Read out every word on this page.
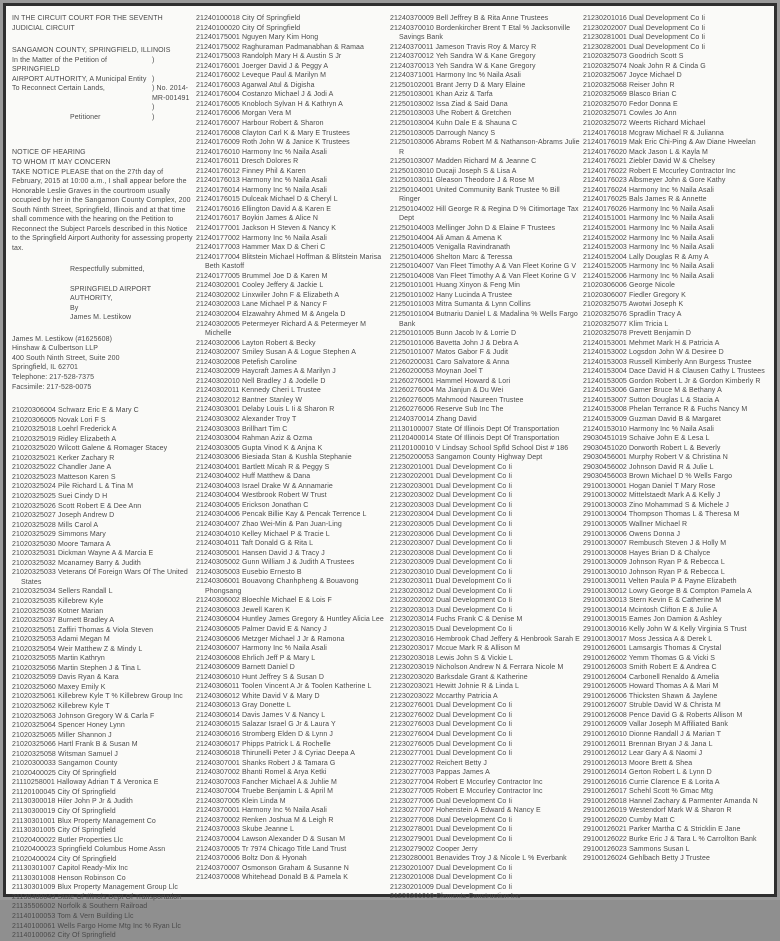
IN THE CIRCUIT COURT FOR THE SEVENTH JUDICIAL CIRCUIT
SANGAMON COUNTY, SPRINGFIELD, ILLINOIS
In the Matter of the Petition of SPRINGFIELD
)
AIRPORT AUTHORITY, A Municipal Entity )
To Reconnect Certain Lands,	) No. 2014-MR-001491
)
Petitioner	)
NOTICE OF HEARING
TO WHOM IT MAY CONCERN

TAKE NOTICE PLEASE that on the 27th day of February, 2015 at 10:00 a.m., I shall appear before the Honorable Leslie Graves in the courtroom usually occupied by her in the Sangamon County Complex, 200 South Ninth Street, Springfield, Illinois and at that time shall commence with the hearing on the Petition to Reconnect the Subject Parcels described in this Notice to the Springfield Airport Authority for assessing property tax.

Respectfully submitted,
SPRINGFIELD AIRPORT AUTHORITY,
By
James M. Lestikow
James M. Lestikow (#1625608)
Hinshaw & Culbertson LLP
400 South Ninth Street, Suite 200
Springfield, IL 62701
Telephone: 217-528-7375
Facsimile: 217-528-0075
21020306004 Schwarz Eric E & Mary C
21020306005 Novak Lori F S
21020325018 Loehrl Frederick A
21020325019 Ridley Elizabeth A
21020325020 Wilcott Galene & Romager Stacey
21020325021 Kerker Zachary R
21020325022 Chandler Jane A
21020325023 Matteson Karen S
21020325024 Pile Richard L & Tina M
21020325025 Suei Cindy D H
21020325026 Scott Robert E & Dee Ann
21020325027 Joseph Andrew D
21020325028 Mills Carol A
21020325029 Simmons Mary
21020325030 Moore Tamara A
21020325031 Dickman Wayne A & Marcia E
21020325032 Mcanarney Barry & Judith
21020325033 Veterans Of Foreign Wars Of The United States
21020325034 Sellers Randall L
21020325035 Killebrew Kyle
21020325036 Kotner Marian
21020325037 Burnett Bradley A
21020325051 Zaffiri Thomas & Viola Steven
21020325053 Adami Megan M
21020325054 Weir Matthew Z & Mindy L
21020325055 Martin Kathryn
21020325056 Martin Stephen J & Tina L
21020325059 Davis Ryan & Kara
21020325060 Maxey Emily K
21020325061 Killebrew Kyle T % Killebrew Group Inc
21020325062 Killebrew Kyle T
21020325063 Johnson Gregory W & Carla F
21020325064 Spencer Honey Lynn
21020325065 Miller Shannon J
21020325066 Hartl Frank B & Susan M
21020325058 Witsman Samuel J
21020300033 Sangamon County
21020400025 City Of Springfield
21110258001 Halloway Adrian T & Veronica E
21120100045 City Of Springfield
21130300018 Hiler John P Jr & Judith
21130300019 City Of Springfield
21130301001 Blux Property Management Co
21130301005 City Of Springfield
21020400022 Butler Properties Llc
21020400023 Springfield Columbus Home Assn
21020400024 City Of Springfield
21130301007 Capitol Ready-Mix Inc
21130301008 Henson Robinson Co
21130301009 Blux Property Management Group Llc
21130400043 State Of Illinois Dept Of Transportation
21135506002 Norfolk & Southern Railroad
21140100053 Tom & Vern Building Llc
21140100061 Wells Fargo Home Mtg Inc % Ryan Llc
21140100062 City Of Springfield
21240100018 City Of Springfield
21240100020 City Of Springfield
21240175001 Nguyen Mary Kim Hong
21240175002 Raghuraman Padmanabhan & Ramaa
21240175003 Randolph Mary H & Austin S Jr
21240176001 Joerger David J & Peggy A
21240176002 Leveque Paul & Marilyn M
21240176003 Agarwal Atul & Digisha
21240176004 Costanzo Michael J & Jodi A
21240176005 Knobloch Sylvan H & Kathryn A
21240176006 Morgan Vera M
21240176007 Harbour Robert & Sharon
21240176008 Clayton Carl K & Mary E Trustees
21240176009 Roth John W & Janice K Trustees
21240176010 Harmony Inc % Naila Asali
21240176011 Dresch Dolores R
21240176012 Finney Phil & Karen
21240176013 Harmony Inc % Naila Asali
21240176014 Harmony Inc % Naila Asali
21240176015 Dulceak Michael D & Cheryl L
21240176016 Ellington David A & Karen E
21240176017 Boykin James & Alice N
21240177001 Jackson H Steven & Nancy K
21240177002 Harmony Inc % Naila Asali
21240177003 Hammer Max D & Cheri C
21240177004 Blitstein Michael Hoffman & Blitstein Marisa Beth Kastoff
21240177005 Brummel Joe D & Karen M
21240302001 Cooley Jeffery & Jackie L
21240302002 Linxwiler John F & Elizabeth A
21240302003 Lane Michael P & Nancy F
21240302004 Elzawahry Ahmed M & Angela D
21240302005 Petermeyer Richard A & Petermeyer M Michelle
21240302006 Layton Robert & Becky
21240302007 Smiley Susan A & Logue Stephen A
21240302008 Petefish Caroline
21240302009 Haycraft James A & Marilyn J
21240302010 Nell Bradley J & Jodelle D
21240302011 Kennedy Cheri L Trustee
21240302012 Bantner Stanley W
21240303001 Delaby Louis L Ii & Sharon R
21240303002 Alexander Troy T
21240303003 Brillhart Tim C
21240303004 Rahman Aziz & Ozma
21240303005 Gupta Vinod K & Anjna K
21240303006 Biesiada Stan & Kushla Stephanie
21240304001 Bartlett Micah R & Peggy S
21240304002 Huff Matthew & Dana
21240304003 Israel Drake W & Annamarie
21240304004 Westbrook Robert W Trust
21240304005 Erickson Jonathan C
21240304006 Pencak Billie Kay & Pencak Terrence L
21240304007 Zhao Wei-Min & Pan Juan-Ling
21240304010 Kelley Michael P & Tracie L
21240304011 Taft Donald G & Rita L
21240305001 Hansen David J & Tracy J
21240305002 Gunn William J & Judith A Trustees
21240305003 Eusebio Ernesto B
21240306001 Bouavong Chanhpheng & Bouavong Phongsang
21240306002 Bloechle Michael E & Lois F
21240306003 Jewell Karen K
21240306004 Huntley James Gregory & Huntley Alicia Lee
21240306005 Palmer David E & Nancy J
21240306006 Metzger Michael J Jr & Ramona
21240306007 Harmony Inc % Naila Asali
21240306008 Ehrlich Jeff P & Mary L
21240306009 Barnett Daniel D
21240306010 Hunt Jeffrey S & Susan D
21240306011 Toolen Vincent A Jr & Toolen Katherine L
21240306012 White David V & Mary D
21240306013 Gray Donette L
21240306014 Davis James V & Nancy L
21240306015 Salazar Israel G Jr & Laura Y
21240306016 Stromberg Elden D & Lynn J
21240306017 Phipps Patrick L & Rochelle
21240306018 Thirunelli Peter J & Cyriac Deepa A
21240307001 Shanks Robert J & Tamara G
21240307002 Bhanti Romel & Arya Ketki
21240307003 Fancher Michael A & Juhlie M
21240307004 Truebe Benjamin L & April M
21240307005 Klein Linda M
21240370001 Harmony Inc % Naila Asali
21240370002 Renken Joshua M & Leigh R
21240370003 Skube Jeanne L
21240370004 Lawson Alexander D & Susan M
21240370005 Tr 7974 Chicago Title Land Trust
21240370006 Boltz Don & Hyonah
21240370007 Osmonson Graham & Susanne N
21240370008 Whitehead Donald B & Pamela K
21240370009 Bell Jeffrey B & Rita Anne Trustees
21240370010 Bordenkircher Brent T Etal % Jacksonville Savings Bank
21240370011 Jameson Travis Roy & Marcy R
21240370012 Yeh Sandra W & Kane Gregory
21240370013 Yeh Sandra W & Kane Gregory
21240371001 Harmony Inc % Naila Asali
21250102001 Brant Jerry D & Mary Elaine
21250103001 Khan Aziz & Tarfa
21250103002 Issa Ziad & Said Dana
21250103003 Uhe Robert & Gretchen
21250103004 Kuhn Dale E & Shauna C
21250103005 Darrough Nancy S
21250103006 Abrams Robert M & Nathanson-Abrams Julie R
21250103007 Madden Richard M & Jeanne C
21250103010 Ducaji Joseph S & Lisa A
21250103011 Gleason Theodore J & Rose M
21250104001 United Community Bank Trustee % Bill Ringer
21250104002 Hill George R & Regina D % Citimortage Tax Dept
21250104003 Mellinger John D & Elaine F Trustees
21250104004 Ali Aman & Amena K
21250104005 Venigalla Ravindranath
21250104006 Shelton Marc & Teressa
21250104007 Van Fleet Timothy A & Van Fleet Korine G V
21250104008 Van Fleet Timothy A & Van Fleet Korine G V
21250101001 Huang Xinyon & Feng Min
21250101002 Hany Lucinda A Trustee
21250101003 Mitra Sumanta & Lynn Collins
21250101004 Butnariu Daniel L & Madalina % Wells Fargo Bank
21250101005 Bunn Jacob Iv & Lorrie D
21250101006 Bavetta John J & Debra A
21250101007 Matos Gabor F & Judit
21260200031 Caro Salvatore & Anna
21260200053 Moynan Joel T
21260276001 Hammel Howard & Lori
21260276004 Ma Jianjun & Du Wei
21260276005 Mahmood Naureen Trustee
21260276006 Reserve Sub Inc The
21240370014 Zhang David
21130100007 State Of Illinois Dept Of Transportation
21120400014 State Of Illinois Dept Of Transportation
21120100010 V Lindsay School Spfld School Dist # 186
21250200053 Sangamon County Highway Dept
21230201001 Dual Development Co Ii
21230202001 Dual Development Co Ii
21230203001 Dual Development Co Ii
21230203002 Dual Development Co Ii
21230203003 Dual Development Co Ii
21230203004 Dual Development Co Ii
21230203005 Dual Development Co Ii
21230203006 Dual Development Co Ii
21230203007 Dual Development Co Ii
21230203008 Dual Development Co Ii
21230203009 Dual Development Co Ii
21230203010 Dual Development Co Ii
21230203011 Dual Development Co Ii
21230203012 Dual Development Co Ii
21230202002 Dual Development Co Ii
21230203013 Dual Development Co Ii
21230203014 Fuchs Frank C & Denise M
21230203015 Dual Development Co Ii
21230203016 Hembrook Chad Jeffery & Henbrook Sarah E
21230203017 Mccue Mark R & Allison M
21230203018 Lewis John S & Vickie L
21230203019 Nicholson Andrew N & Ferrara Nicole M
21230203020 Barksdale Grant & Katherine
21230203021 Hewitt Johnie R & Linda L
21230203022 Mccarthy Patricia A
21230276001 Dual Development Co Ii
21230276002 Dual Development Co Ii
21230276003 Dual Development Co Ii
21230276004 Dual Development Co Ii
21230276005 Dual Development Co Ii
21230277001 Dual Development Co Ii
21230277002 Reichert Betty J
21230277003 Pappas James A
21230277004 Robert E Mccurley Contractor Inc
21230277005 Robert E Mccurley Contractor Inc
21230277006 Dual Development Co Ii
21230277007 Hohenstein A Edward & Nancy E
21230277008 Dual Development Co Ii
21230278001 Dual Development Co Ii
21230279001 Dual Development Co Ii
21230279002 Cooper Jerry
21230280001 Benavides Troy J & Nicole L % Everbank
21230201007 Dual Development Co Ii
21230201008 Dual Development Co Ii
21230201009 Dual Development Co Ii
21230201010 Clements Construction Inc
21230201016 Dual Development Co Ii
21230202007 Dual Development Co Ii
21230281001 Dual Development Co Ii
21230282001 Dual Development Co Ii
21020325073 Goodrich Scott S
21020325074 Noak John R & Cinda G
21020325067 Joyce Michael D
21020325068 Reiser John R
21020325069 Blasco Brian C
21020325070 Fedor Donna E
21020325071 Cowles Jo Ann
21020325072 Weerts Richard Michael
21240176018 Mcgraw Michael R & Julianna
21240176019 Mak Eric Chi-Ping & Aw Diane Hweelan
21240176020 Mack Jason L & Kayla M
21240176021 Ziebler David W & Chelsey
21240176022 Robert E Mccurley Contractor Inc
21240176023 Albsmeyer John & Gore Kathy
21240176024 Harmony Inc % Naila Asali
21240176025 Bals James R & Annette
21240176026 Harmony Inc % Naila Asali
21240151001 Harmony Inc % Naila Asali
21240152001 Harmony Inc % Naila Asali
21240152002 Harmony Inc % Naila Asali
21240152003 Harmony Inc % Naila Asali
21240152004 Lally Douglas R & Amy A
21240152005 Harmony Inc % Naila Asali
21240152006 Harmony Inc % Naila Asali
21020306006 George Nicole
21020306007 Fiedler Gregory K
21020325075 Awotwi Joseph K
21020325076 Spradlin Tracy A
21020325077 Klim Tricia L
21020325078 Prevett Benjamin D
21240153001 Mehmet Mark H & Patricia A
21240153002 Logsdon John W & Desiree D
21240153003 Russell Kimberly Ann Burgess Trustee
21240153004 Dace David H & Clausen Cathy L Trustees
21240153005 Gordon Robert L Jr & Gordon Kimberly R
21240153006 Garner Bruce M & Bethany A
21240153007 Sutton Douglas L & Stacia A
21240153008 Phelan Terrance R & Fuchs Nancy M
21240153009 Guzman David B & Margaret
21240153010 Harmony Inc % Naila Asali
29030451019 Schaive John E & Lesa L
29030451020 Dorworth Robert L & Beverly
29030456001 Murphy Robert V & Christina N
29030456002 Johnson David R & Julie L
29030456003 Brown Michael D % Wells Fargo
29100130001 Hogan Daniel T Mary Rose
29100130002 Mittelstaedt Mark A & Kelly J
29100130003 Zino Mohammad S & Michele J
29100130004 Thompson Thomas L & Theresa M
29100130005 Wallner Michael R
29100130006 Owens Donna J
29100130007 Rembusch Steven J & Holly M
29100130008 Hayes Brian D & Chalyce
29100130009 Johnson Ryan P & Rebecca L
29100130010 Johnson Ryan P & Rebecca L
29100130011 Velten Paula P & Payne Elizabeth
29100130012 Lowry George B & Compton Pamela A
29100130013 Stern Kevin E & Catherine M
29100130014 Mcintosh Clifton E & Julie A
29100130015 Eames Jon Damion & Ashley
29100130016 Kelly John W & Kelly Virginia S Trust
29100130017 Moss Jessica A & Derek L
29100126001 Lamsargis Thomas & Crystal
29100126002 Yemm Thomas G & Vicki S
29100126003 Smith Robert E & Andrea C
29100126004 Carbonell Renaldo & Amelia
29100126005 Howard Thomas A & Mari M
29100126006 Thicksten Shawn & Jaylene
29100126007 Struble David W & Christa M
29100126008 Pence David G & Roberts Allison M
29100126009 Vallar Joseph M Affiliated Bank
29100126010 Dionne Randall J & Marian T
29100126011 Brennan Bryan J & Jana L
29100126012 Lear Gary A & Naomi J
29100126013 Moore Brett & Shea
29100126014 Gerton Robert L & Lynn D
29100126016 Currie Clarence E & Lorita A
29100126017 Schehl Scott % Gmac Mtg
29100126018 Hannel Zachary & Parmenter Amanda N
29100126019 Westendorf Mark W & Sharon R
29100126020 Cumby Matt C
29100126021 Parker Martha C & Stricklin E Jane
29100126022 Burke Eric J & Tara L % Carrollton Bank
29100126023 Sammons Susan L
29100126024 Gehlbach Betty J Trustee
